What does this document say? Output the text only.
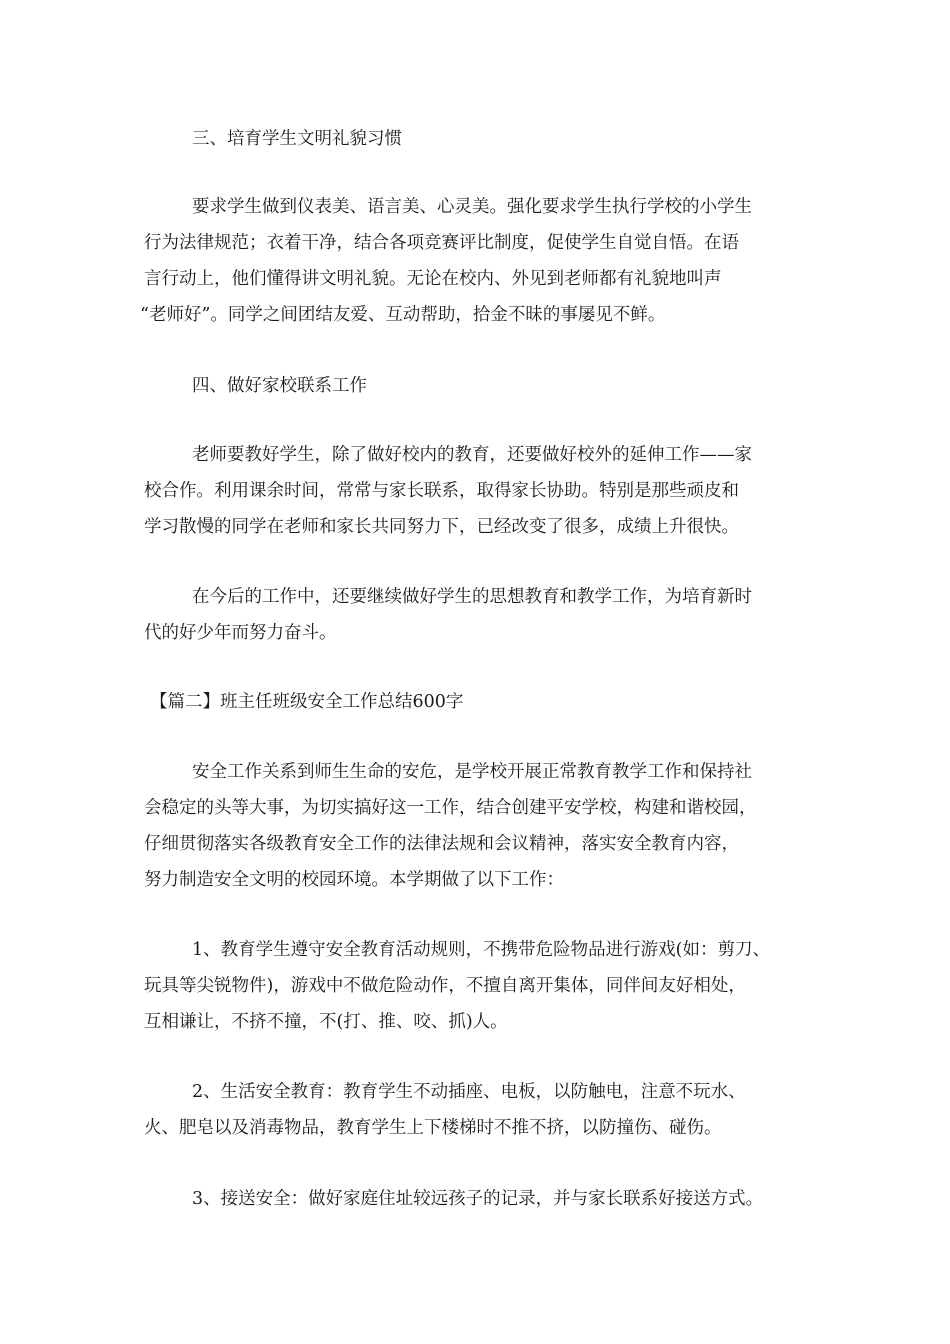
三、培育学生文明礼貌习惯
要求学生做到仪表美、语言美、心灵美。强化要求学生执行学校的小学生
行为法律规范；衣着干净，结合各项竞赛评比制度，促使学生自觉自悟。在语
言行动上，他们懂得讲文明礼貌。无论在校内、外见到老师都有礼貌地叫声
“老师好”。同学之间团结友爱、互动帮助，拾金不昧的事屡见不鲜。
四、做好家校联系工作
老师要教好学生，除了做好校内的教育，还要做好校外的延伸工作——家
校合作。利用课余时间，常常与家长联系，取得家长协助。特别是那些顽皮和
学习散慢的同学在老师和家长共同努力下，已经改变了很多，成绩上升很快。
在今后的工作中，还要继续做好学生的思想教育和教学工作，为培育新时
代的好少年而努力奋斗。
【篇二】班主任班级安全工作总结600字
安全工作关系到师生生命的安危，是学校开展正常教育教学工作和保持社
会稳定的头等大事，为切实搞好这一工作，结合创建平安学校，构建和谐校园，
仔细贯彻落实各级教育安全工作的法律法规和会议精神，落实安全教育内容，
努力制造安全文明的校园环境。本学期做了以下工作：
1、教育学生遵守安全教育活动规则，不携带危险物品进行游戏(如：剪刀、
玩具等尖锐物件)，游戏中不做危险动作，不擅自离开集体，同伴间友好相处，
互相谦让，不挤不撞，不(打、推、咬、抓)人。
2、生活安全教育：教育学生不动插座、电板，以防触电，注意不玩水、
火、肥皂以及消毒物品，教育学生上下楼梯时不推不挤，以防撞伤、碰伤。
3、接送安全：做好家庭住址较远孩子的记录，并与家长联系好接送方式。
